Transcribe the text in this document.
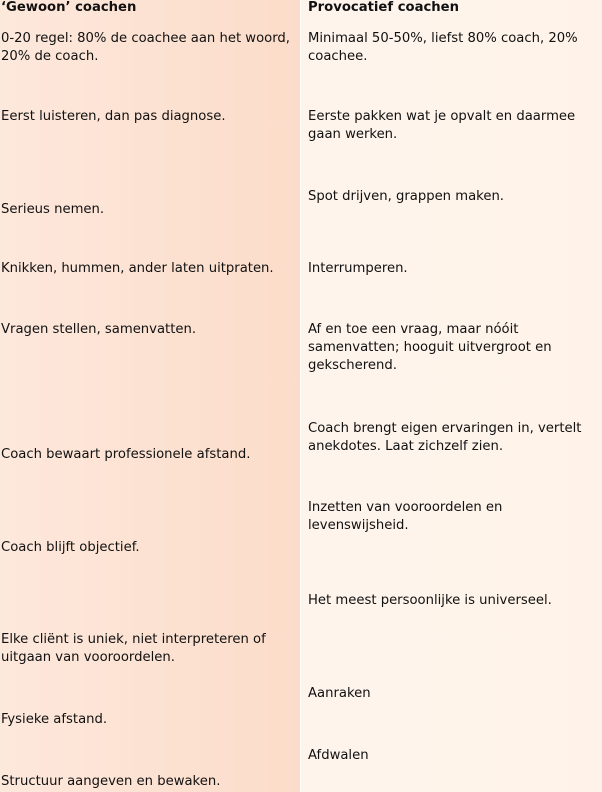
‘Gewoon’ coachen
0-20 regel: 80% de coachee aan het woord,
20% de coach.
Eerst luisteren, dan pas diagnose.
Serieus nemen.
Knikken, hummen, ander laten uitpraten.
Vragen stellen, samenvatten.
Coach bewaart professionele afstand.
Coach blijft objectief.
Elke cliënt is uniek, niet interpreteren of
uitgaan van vooroordelen.
Fysieke afstand.
Structuur aangeven en bewaken.
Provocatief coachen
Minimaal 50-50%, liefst 80% coach, 20%
coachee.
Eerste pakken wat je opvalt en daarmee
gaan werken.
Spot drijven, grappen maken.
Interrumperen.
Af en toe een vraag, maar nóóit
samenvatten; hooguit uitvergroot en
gekscherend.
Coach brengt eigen ervaringen in, vertelt
anekdotes. Laat zichzelf zien.
Inzetten van vooroordelen en levenswijsheid.
Het meest persoonlijke is universeel.
Aanraken
Afdwalen
